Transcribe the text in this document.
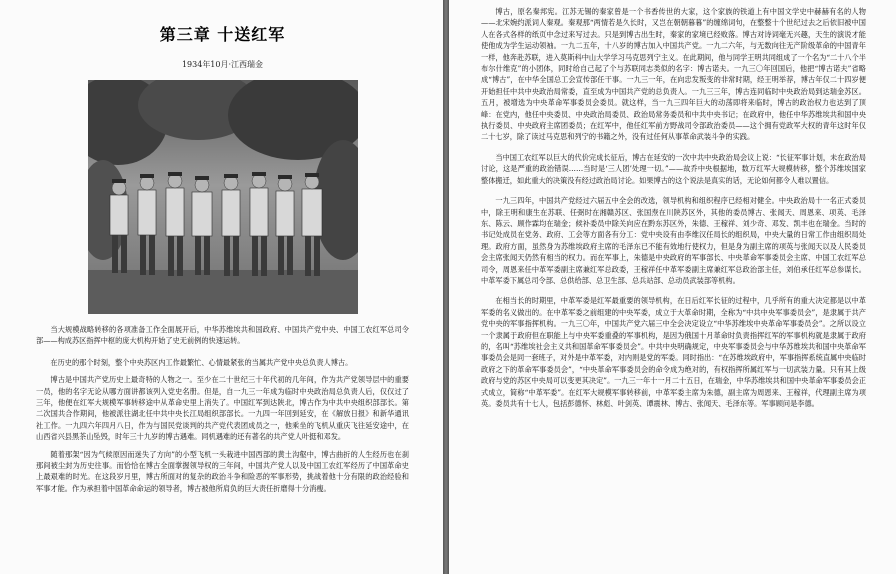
第三章 十送红军
1934年10月·江西瑞金

当大规模战略转移的各项准备工作全面展开后，中华苏维埃共和国政府、中国共产党中央、中国工农红军总司令部——构成苏区指挥中枢的庞大机构开始了史无前例的快速运转。

在历史的那个时刻，整个中央苏区内工作最繁忙、心情最紧张的当属共产党中央总负责人博古。

博古是中国共产党历史上最奇特的人物之一。至少在二十世纪三十年代初的几年间，作为共产党领导层中的重要一员，他的名字无论从哪方面讲都该列入党史名册。但是，自一九三一年成为临时中央政治局总负责人后，仅仅过了三年，他便在红军大规模军事转移途中从革命史里上消失了。中国红军到达陕北，博古作为中共中央组织部部长。第二次国共合作期间，他被派往湖北任中共中央长江局组织部部长。一九四一年回到延安，在《解放日报》和新华通讯社工作。一九四六年四月八日，作为与国民党谈判的共产党代表团成员之一，他乘坐的飞机从重庆飞往延安途中，在山西省兴县黑茶山坠毁，时年三十九岁的博古遇难。同机遇难的还有著名的共产党人叶挺和邓发。

随着那架“因为气候原因而迷失了方向”的小型飞机一头栽进中国西部的黄土沟壑中，博古曲折的人生经历也在刹那间被尘封为历史往事。而恰恰在博古全面掌握领导权的三年间，中国共产党人以及中国工农红军经历了中国革命史上最艰难的时光。在这段岁月里，博古所面对的复杂的政治斗争和险恶的军事形势，挑战着他十分有限的政治经验和军事才能。作为承担着中国革命命运的领导者，博古被他所肩负的巨大责任折磨得十分消瘦。

博古，原名秦邦宪。江苏无锡的秦家曾是一个书香传世的大家，这个家族的铁道上有中国文学史中赫赫有名的人物——北宋婉约派词人秦观。秦观那“两情若是久长时，又岂在朝朝暮暮”的缠绵词句，在整整十个世纪过去之后依旧被中国人在各式各样的纸页中念过来写过去。只是到博古出生时，秦家的家境已经败落。博古对诗词毫无兴趣，天生的演说才能使他成为学生运动领袖。一九二五年，十八岁的博古加入中国共产党。一九二六年，与无数向往无产阶级革命的中国青年一样，他奔赴苏联，进入莫斯科中山大学学习马克思列宁主义。在此期间，他与同学王明共同组成了一个名为“二十八个半布尔什维克”的小团体，同时给自己起了个与苏联同志类似的名字：博古诺夫。一九三〇年回国后，他把“博古诺夫”省略成“博古”，在中华全国总工会宣传部任干事。一九三一年，在向忠发叛变的非常时期，经王明举荐，博古年仅二十四岁便开始担任中共中央政治局常委，直至成为中国共产党的总负责人。一九三三年，博古连同临时中央政治局到达瑞金苏区。五月，被增选为中央革命军事委员会委员。就这样，当一九三四年巨大的动荡即将来临时，博古的政治权力也达到了顶峰：在党内，他任中央委员、中央政治局委员、政治局常务委员和中共中央书记；在政府中，他任中华苏维埃共和国中央执行委员、中央政府主席团委员；在红军中，他任红军前方野战司令部政治委员——这个拥有党政军大权的青年这时年仅二十七岁，除了读过马克思和列宁的书籍之外，没有过任何从事革命武装斗争的实践。

当中国工农红军以巨大的代价完成长征后，博古在延安的一次中共中央政治局会议上说：“长征军事计划，未在政治局讨论，这是严重的政治错误……当时是‘三人团’处理一切。”——故乔中央根据地，数万红军大规模转移，整个苏维埃国家整体搬迁，如此重大的决策没有经过政治局讨论。如果博古的这个说法是真实的话，无论如何都令人难以置信。

一九三四年，中国共产党经过六届五中全会的改选，领导机构和组织程序已经相对健全。中央政治局十一名正式委员中，除王明和康生在苏联、任弼时在湘赣苏区、张国焘在川陕苏区外，其他的委员博古、张闻天、周恩来、项英、毛泽东、陈云、顾作霖均在瑞金；候补委员中除关向应在黔东苏区外，朱德、王稼祥、刘少奇、邓发、凯丰也在瑞金。当时的书记处成员在党务、政府、工会等方面各有分工：党中央设有由李维汉任局长的组织局，中央大量的日常工作由组织局处理。政府方面，虽然身为苏维埃政府主席的毛泽东已不能有效地行使权力，但是身为副主席的项英与张闻天以及人民委员会主席张闻天仍然有相当的权力。而在军事上，朱德是中央政府的军事部长、中央革命军事委员会主席、中国工农红军总司令，周恩来任中革军委副主席兼红军总政委，王稼祥任中革军委副主席兼红军总政治部主任，刘伯承任红军总参谋长。中革军委下属总司令部、总供给部、总卫生部、总兵站部、总动员武装部等机构。

在相当长的时期里，中革军委是红军最重要的领导机构，在日后红军长征的过程中，几乎所有的重大决定都是以中革军委的名义做出的。在中革军委之前组建的中央军委，成立于大革命时期，全称为“中共中央军事委员会”，是隶属于共产党中央的军事指挥机构。一九三〇年，中国共产党六届三中全会决定设立“中华苏维埃中央革命军事委员会”。之所以设立一个隶属于政府但在职能上与中央军委重叠的军事机构，是因为俄国十月革命时负责指挥红军的军事机构就是隶属于政府的，名叫“苏维埃社会主义共和国革命军事委员会”。中共中央明确规定，中央军事委员会与中华苏维埃共和国中央革命军事委员会是同一套班子，对外是中革军委，对内则是党的军委。同时指出：“在苏维埃政府中，军事指挥系统直属中央临时政府之下的革命军事委员会”，“中央革命军事委员会的命令成为绝对的，有权指挥所属红军与一切武装力量。只有其上级政府与党的苏区中央局可以变更其决定”。一九三一年十一月二十五日，在瑞金，中华苏维埃共和国中央革命军事委员会正式成立，简称“中革军委”。在红军大规模军事转移前，中革军委主席为朱德，副主席为周恩来、王稼祥，代理副主席为项英。委员共有十七人，包括彭德怀、林彪、叶剑英、谭震林、博古、张闻天、毛泽东等。军事顾问是李德。
